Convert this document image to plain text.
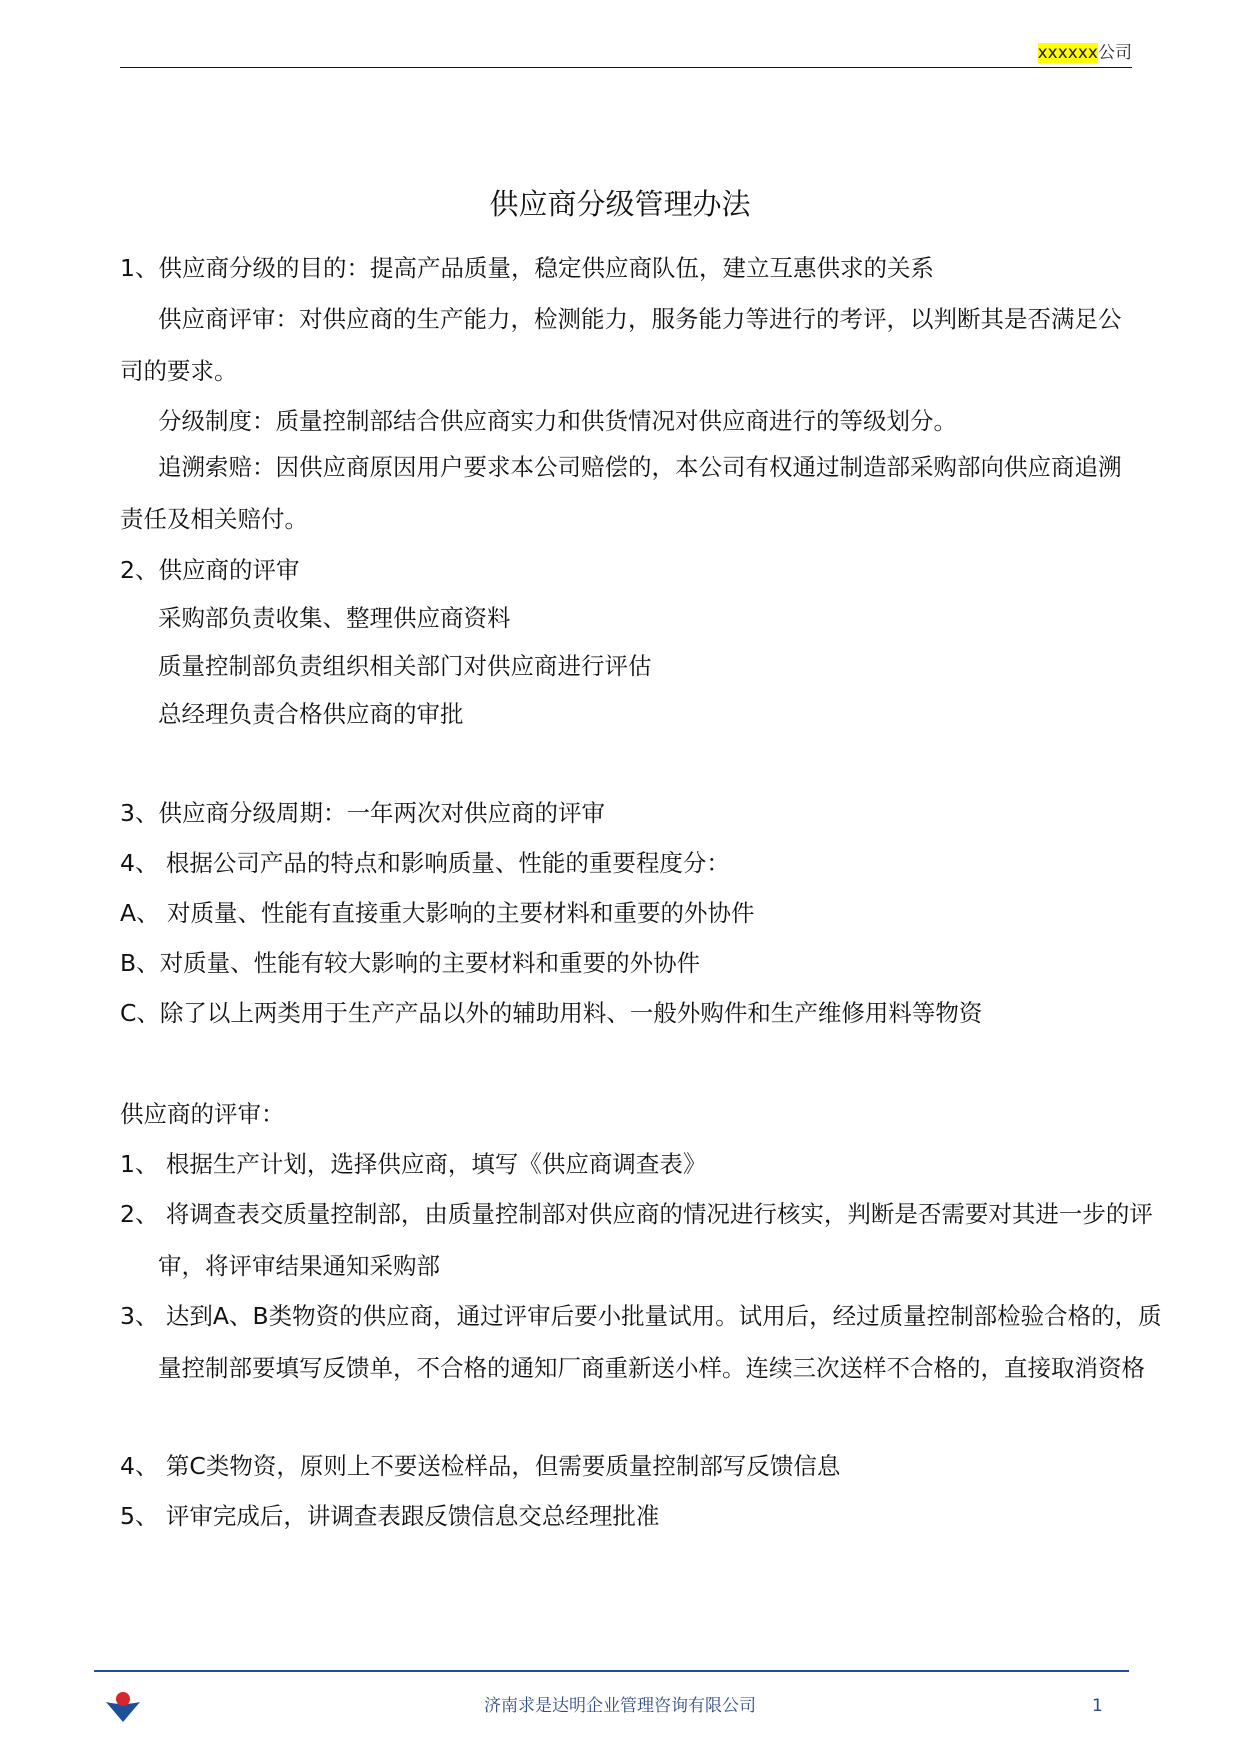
xxxxxx公司
供应商分级管理办法

1、供应商分级的目的：提高产品质量，稳定供应商队伍，建立互惠供求的关系

供应商评审：对供应商的生产能力，检测能力，服务能力等进行的考评，以判断其是否满足公司的要求。

分级制度：质量控制部结合供应商实力和供货情况对供应商进行的等级划分。

追溯索赔：因供应商原因用户要求本公司赔偿的，本公司有权通过制造部采购部向供应商追溯责任及相关赔付。

2、供应商的评审

采购部负责收集、整理供应商资料

质量控制部负责组织相关部门对供应商进行评估

总经理负责合格供应商的审批

3、供应商分级周期：一年两次对供应商的评审

4、 根据公司产品的特点和影响质量、性能的重要程度分：

A、 对质量、性能有直接重大影响的主要材料和重要的外协件

B、对质量、性能有较大影响的主要材料和重要的外协件

C、除了以上两类用于生产产品以外的辅助用料、一般外购件和生产维修用料等物资

供应商的评审：

1、 根据生产计划，选择供应商，填写《供应商调查表》

2、 将调查表交质量控制部，由质量控制部对供应商的情况进行核实，判断是否需要对其进一步的评审，将评审结果通知采购部

3、 达到A、B类物资的供应商，通过评审后要小批量试用。试用后，经过质量控制部检验合格的，质量控制部要填写反馈单，不合格的通知厂商重新送小样。连续三次送样不合格的，直接取消资格

4、 第C类物资，原则上不要送检样品，但需要质量控制部写反馈信息

5、 评审完成后，讲调查表跟反馈信息交总经理批准

济南求是达明企业管理咨询有限公司	1
